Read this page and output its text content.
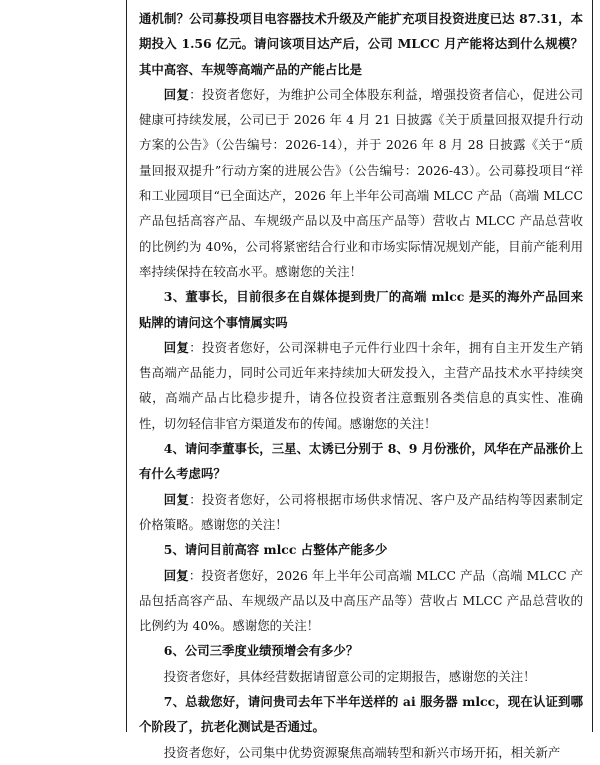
通机制？公司募投项目电容器技术升级及产能扩充项目投资进度已达 87.31，本期投入 1.56 亿元。请问该项目达产后，公司 MLCC 月产能将达到什么规模？其中高容、车规等高端产品的产能占比是
回复：投资者您好，为维护公司全体股东利益，增强投资者信心，促进公司健康可持续发展，公司已于 2026 年 4 月 21 日披露《关于质量回报双提升行动方案的公告》（公告编号：2026-14），并于 2026 年 8 月 28 日披露《关于“质量回报双提升”行动方案的进展公告》（公告编号：2026-43）。公司募投项目“祥和工业园项目“已全面达产，2026 年上半年公司高端 MLCC 产品（高端 MLCC 产品包括高容产品、车规级产品以及中高压产品等）营收占 MLCC 产品总营收的比例约为 40%，公司将紧密结合行业和市场实际情况规划产能，目前产能利用率持续保持在较高水平。感谢您的关注！
3、董事长，目前很多在自媒体提到贵厂的高端 mlcc 是买的海外产品回来贴牌的请问这个事情属实吗
回复：投资者您好，公司深耕电子元件行业四十余年，拥有自主开发生产销售高端产品能力，同时公司近年来持续加大研发投入，主营产品技术水平持续突破，高端产品占比稳步提升，请各位投资者注意甄别各类信息的真实性、准确性，切勿轻信非官方渠道发布的传闻。感谢您的关注！
4、请问李董事长，三星、太诱已分别于 8、9 月份涨价，风华在产品涨价上有什么考虑吗？
回复：投资者您好，公司将根据市场供求情况、客户及产品结构等因素制定价格策略。感谢您的关注！
5、请问目前高容 mlcc 占整体产能多少
回复：投资者您好，2026 年上半年公司高端 MLCC 产品（高端 MLCC 产品包括高容产品、车规级产品以及中高压产品等）营收占 MLCC 产品总营收的比例约为 40%。感谢您的关注！
6、公司三季度业绩预增会有多少？
投资者您好，具体经营数据请留意公司的定期报告，感谢您的关注！
7、总裁您好，请问贵司去年下半年送样的 ai 服务器 mlcc，现在认证到哪个阶段了，抗老化测试是否通过。
投资者您好，公司集中优势资源聚焦高端转型和新兴市场开拓，相关新产
